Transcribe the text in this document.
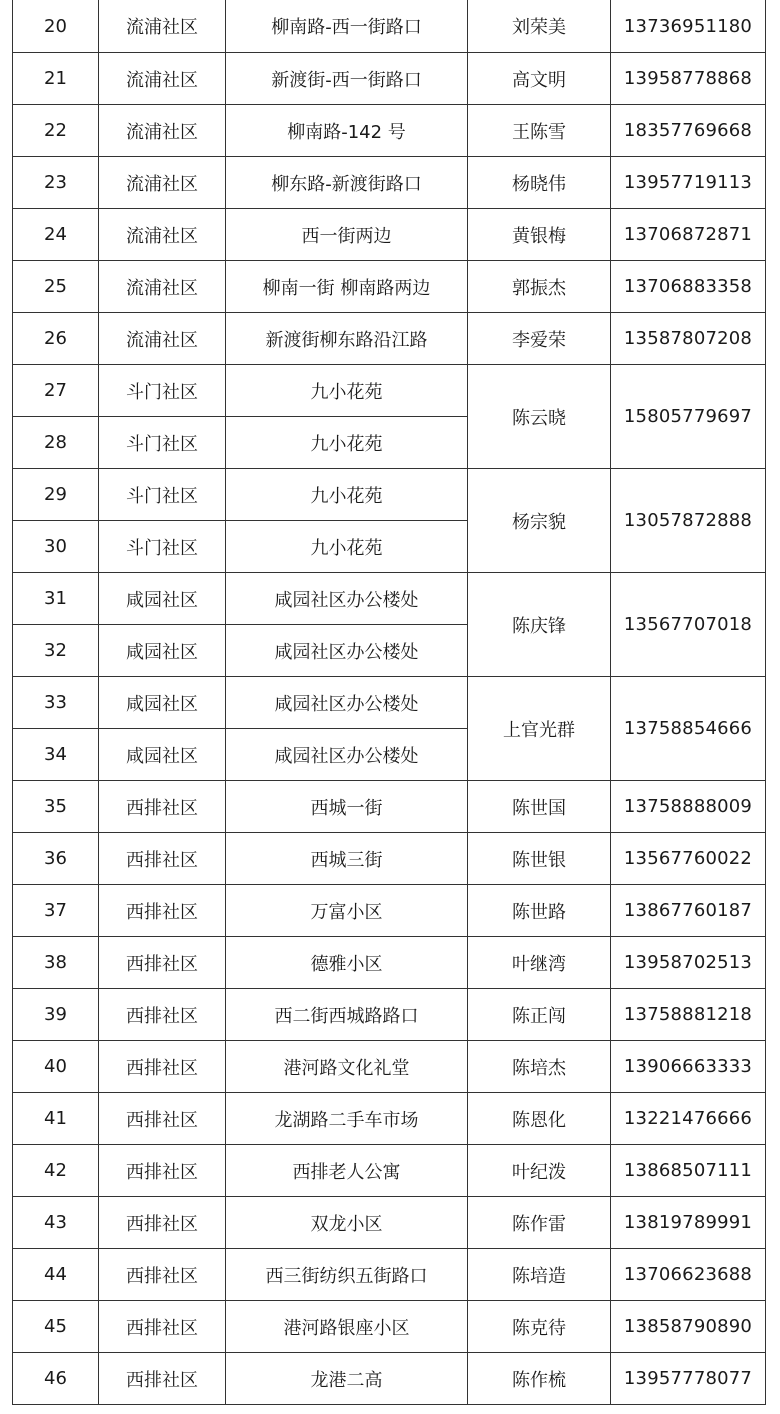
20	流浦社区	柳南路-西一街路口	刘荣美	13736951180
21	流浦社区	新渡街-西一街路口	高文明	13958778868
22	流浦社区	柳南路-142 号	王陈雪	18357769668
23	流浦社区	柳东路-新渡街路口	杨晓伟	13957719113
24	流浦社区	西一街两边	黄银梅	13706872871
25	流浦社区	柳南一街 柳南路两边	郭振杰	13706883358
26	流浦社区	新渡街柳东路沿江路	李爱荣	13587807208
27	斗门社区	九小花苑	陈云晓	15805779697
28	斗门社区	九小花苑		
29	斗门社区	九小花苑	杨宗貌	13057872888
30	斗门社区	九小花苑		
31	咸园社区	咸园社区办公楼处	陈庆锋	13567707018
32	咸园社区	咸园社区办公楼处		
33	咸园社区	咸园社区办公楼处	上官光群	13758854666
34	咸园社区	咸园社区办公楼处		
35	西排社区	西城一街	陈世国	13758888009
36	西排社区	西城三街	陈世银	13567760022
37	西排社区	万富小区	陈世路	13867760187
38	西排社区	德雅小区	叶继湾	13958702513
39	西排社区	西二街西城路路口	陈正闯	13758881218
40	西排社区	港河路文化礼堂	陈培杰	13906663333
41	西排社区	龙湖路二手车市场	陈恩化	13221476666
42	西排社区	西排老人公寓	叶纪泼	13868507111
43	西排社区	双龙小区	陈作雷	13819789991
44	西排社区	西三街纺织五街路口	陈培造	13706623688
45	西排社区	港河路银座小区	陈克待	13858790890
46	西排社区	龙港二高	陈作梳	13957778077
